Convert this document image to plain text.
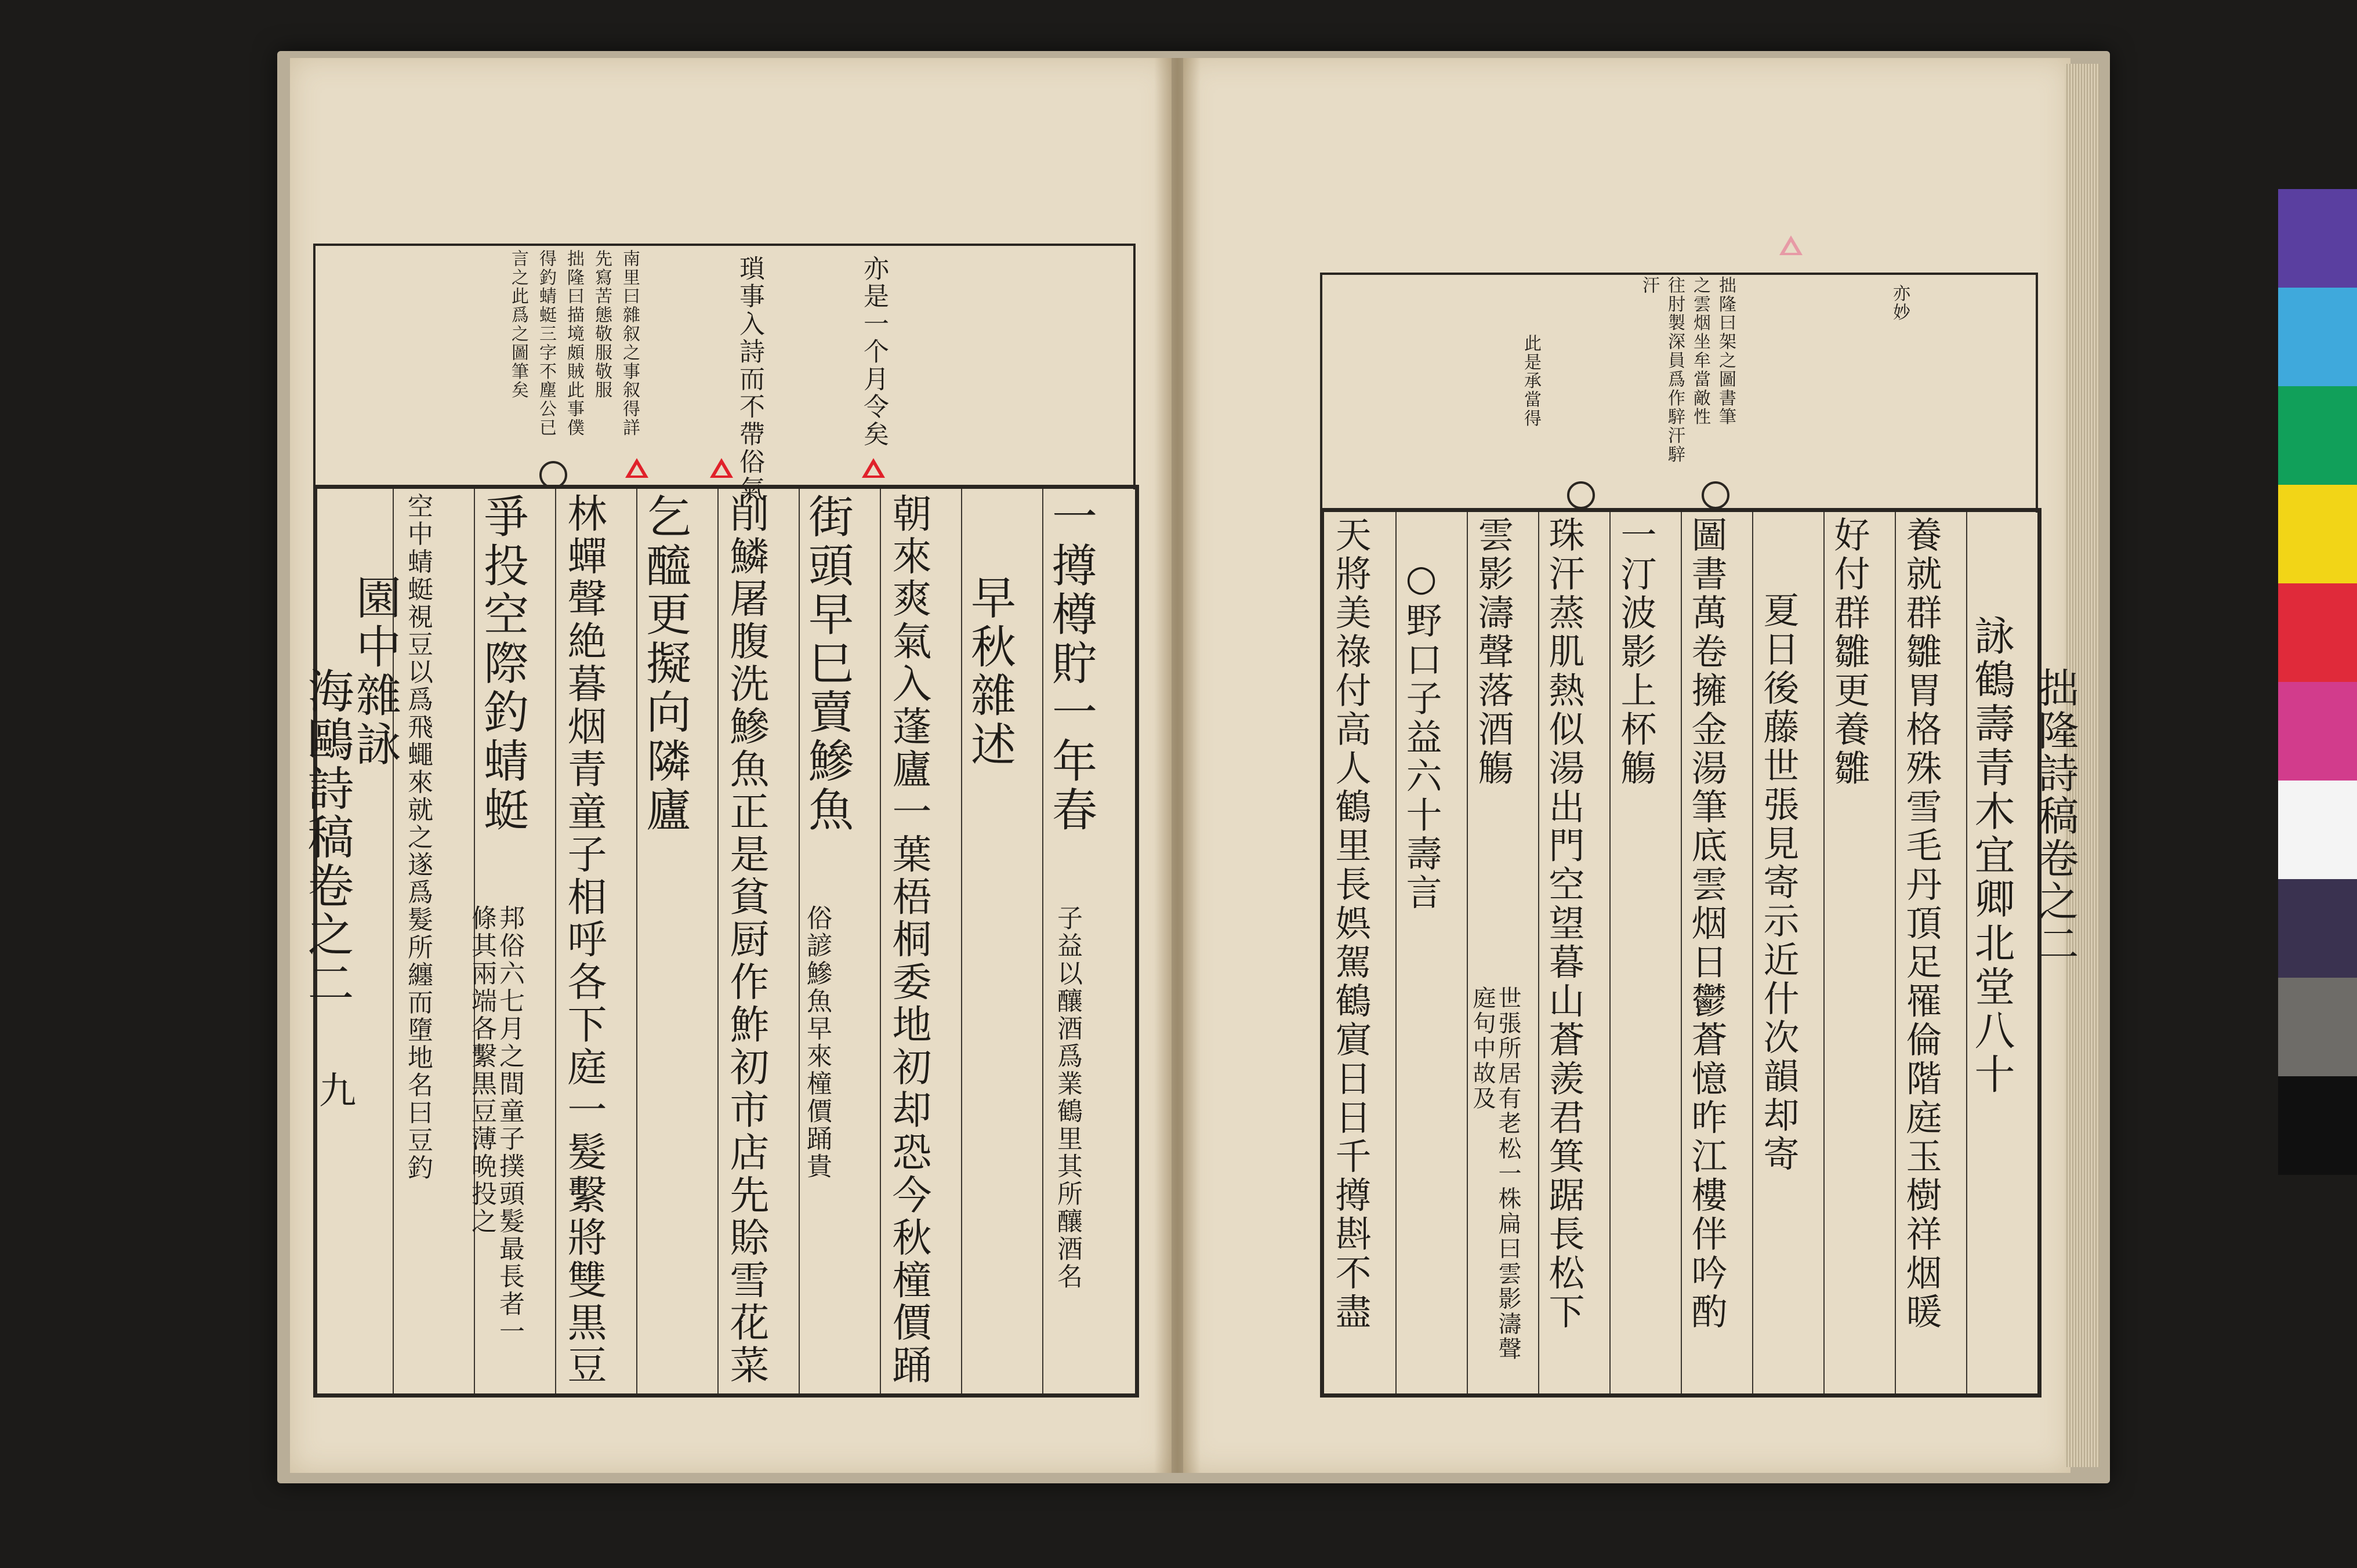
亦是一个月令矣
瑣事入詩而不帶俗氣
南里曰雜叙之事叙得詳
先寫苦態敬服敬服
拙隆曰描境頗賊此事僕
得釣蜻蜓三字不塵公已
言之此爲之圖筆矣
一撙樽貯一年春
子益以釀酒爲業鶴里其所釀酒名
早秋雜述
朝來爽氣入蓬廬一葉梧桐委地初却恐今秋橦價踊
街頭早巳賣鰺魚
俗諺鰺魚早來橦價踊貴
削鱗屠腹洗鰺魚正是貧厨作鮓初市店先賒雪花菜
乞醯更擬向隣廬
林蟬聲絶暮烟青童子相呼各下庭一髮繫將雙黒豆
爭投空際釣蜻蜓
邦俗六七月之間童子撲頭髮最長者一條其兩端各繫黒豆薄晩投之
空中蜻蜓視豆以爲飛蠅來就之遂爲髮所纏而墮地名曰豆釣
園中雜詠
海鷗詩稿卷之二
九
亦妙
拙隆曰架之圖書筆
之雲烟坐牟當敵性
往肘製深員爲作騂汗騂
汗
此是承當得
詠鶴壽青木宜卿北堂八十
養就群雛胃格殊雪毛丹頂足罹倫階庭玉樹祥烟暖
好付群雛更養雛
夏日後藤世張見寄示近什次韻却寄
圖書萬卷擁金湯筆底雲烟日鬱蒼憶昨江樓伴吟酌
一汀波影上杯觴
珠汗蒸肌熱似湯出門空望暮山蒼羨君箕踞長松下
雲影濤聲落酒觴
世張所居有老松一株扁曰雲影濤聲庭句中故及
○野口子益六十壽言
天將美祿付高人鶴里長娯駕鶴賔日日千撙斟不盡	拙隆詩稿卷之二
